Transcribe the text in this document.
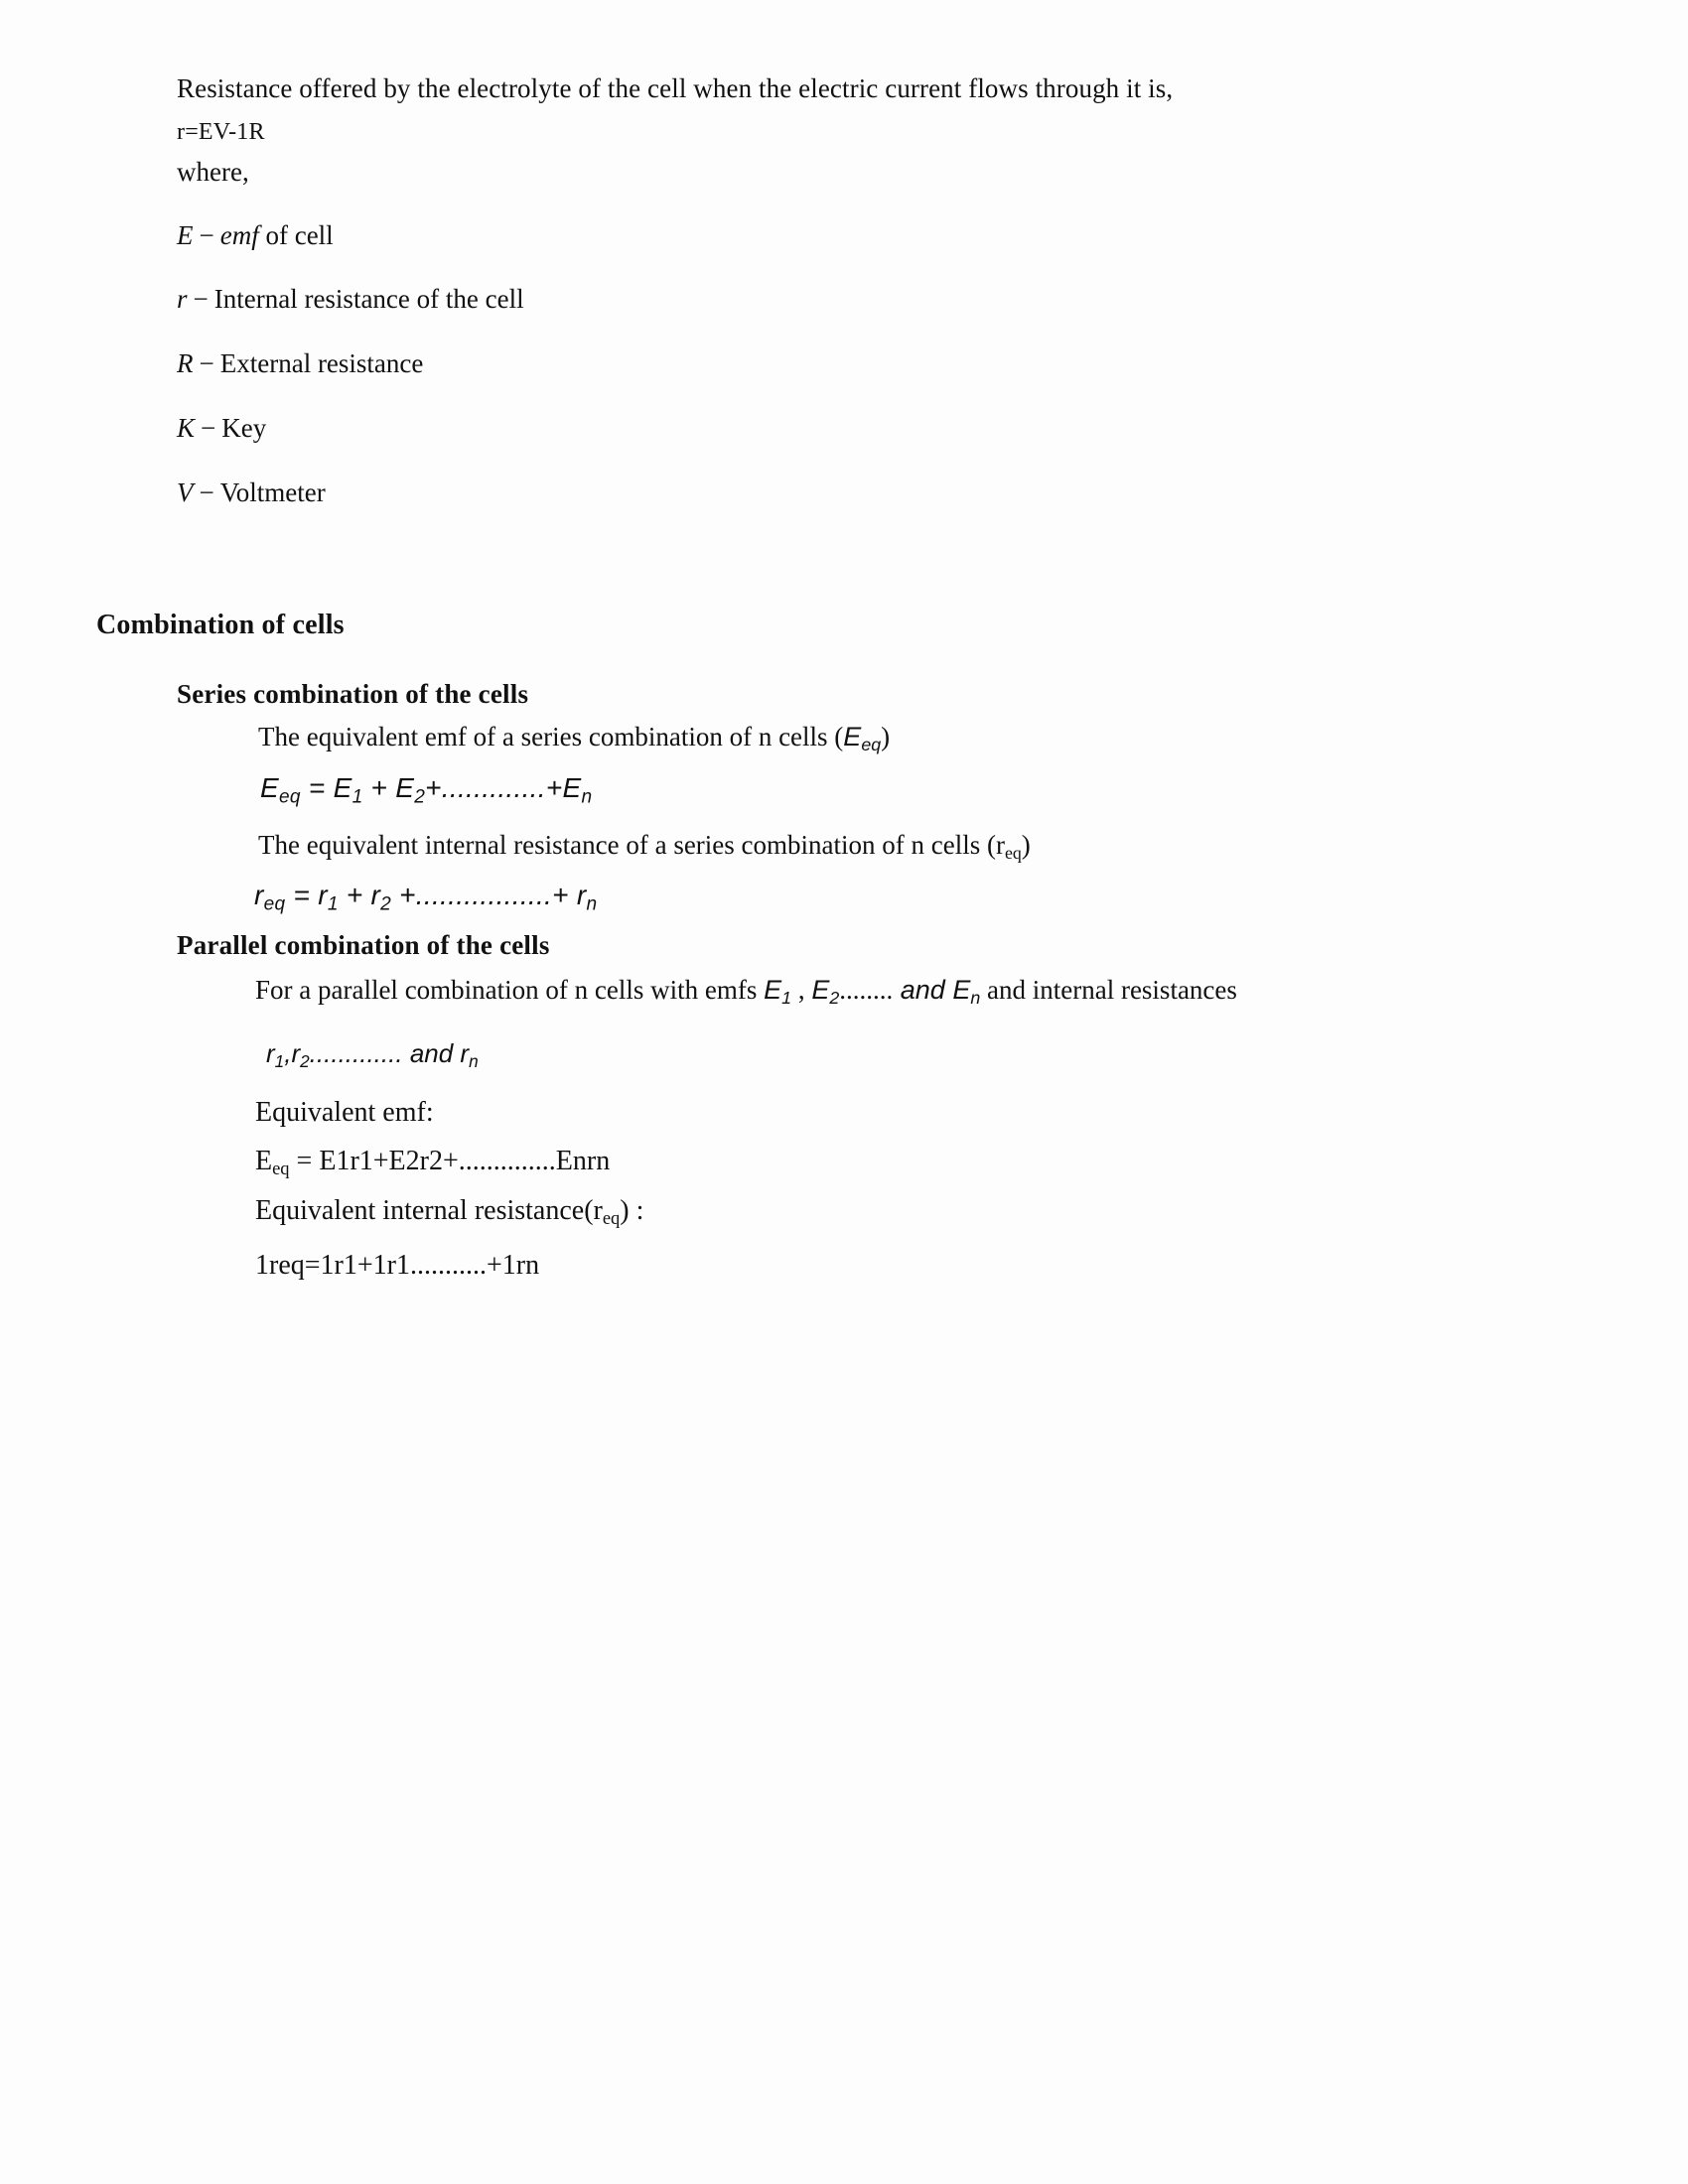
Resistance offered by the electrolyte of the cell when the electric current flows through it is,
r=EV-1R
where,
E − emf of cell
r − Internal resistance of the cell
R − External resistance
K − Key
V − Voltmeter
Combination of cells
Series combination of the cells
The equivalent emf of a series combination of n cells $(E_{eq})$
$E_{eq} = E_1 + E_2+.............+E_n$
The equivalent internal resistance of a series combination of n cells $(r_{eq})$
$r_{eq} = r_1 + r_2$ +.................+ $r_n$
Parallel combination of the cells
For a parallel combination of n cells with emfs $E_1$ , $E_2$........ and $E_n$ and internal resistances
$r_1,r_2$............. and $r_n$
Equivalent emf:
$E_{eq}$ = E1r1+E2r2+..............Enrn
Equivalent internal $resistance(r_{eq})$ :
1req=1r1+1r1...........+1rn
